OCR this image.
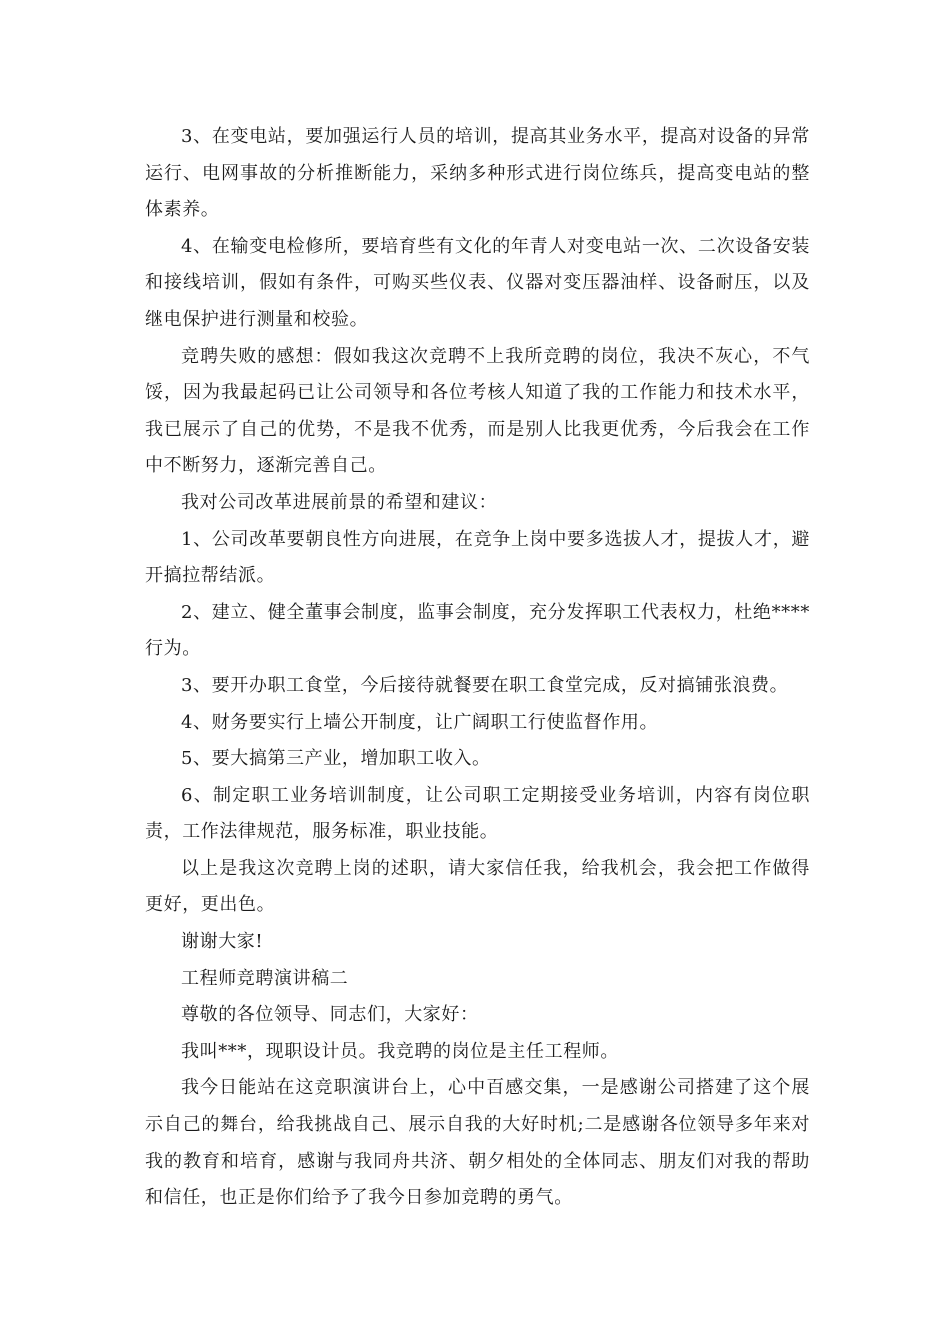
3、在变电站，要加强运行人员的培训，提高其业务水平，提高对设备的异常运行、电网事故的分析推断能力，采纳多种形式进行岗位练兵，提高变电站的整体素养。

4、在输变电检修所，要培育些有文化的年青人对变电站一次、二次设备安装和接线培训，假如有条件，可购买些仪表、仪器对变压器油样、设备耐压，以及继电保护进行测量和校验。

竞聘失败的感想：假如我这次竞聘不上我所竞聘的岗位，我决不灰心，不气馁，因为我最起码已让公司领导和各位考核人知道了我的工作能力和技术水平，我已展示了自己的优势，不是我不优秀，而是别人比我更优秀，今后我会在工作中不断努力，逐渐完善自己。

我对公司改革进展前景的希望和建议：

1、公司改革要朝良性方向进展，在竞争上岗中要多选拔人才，提拔人才，避开搞拉帮结派。

2、建立、健全董事会制度，监事会制度，充分发挥职工代表权力，杜绝****行为。

3、要开办职工食堂，今后接待就餐要在职工食堂完成，反对搞铺张浪费。

4、财务要实行上墙公开制度，让广阔职工行使监督作用。

5、要大搞第三产业，增加职工收入。

6、制定职工业务培训制度，让公司职工定期接受业务培训，内容有岗位职责，工作法律规范，服务标准，职业技能。

以上是我这次竞聘上岗的述职，请大家信任我，给我机会，我会把工作做得更好，更出色。

谢谢大家!

工程师竞聘演讲稿二

尊敬的各位领导、同志们，大家好：

我叫***，现职设计员。我竞聘的岗位是主任工程师。

我今日能站在这竞职演讲台上，心中百感交集，一是感谢公司搭建了这个展示自己的舞台，给我挑战自己、展示自我的大好时机;二是感谢各位领导多年来对我的教育和培育，感谢与我同舟共济、朝夕相处的全体同志、朋友们对我的帮助和信任，也正是你们给予了我今日参加竞聘的勇气。
